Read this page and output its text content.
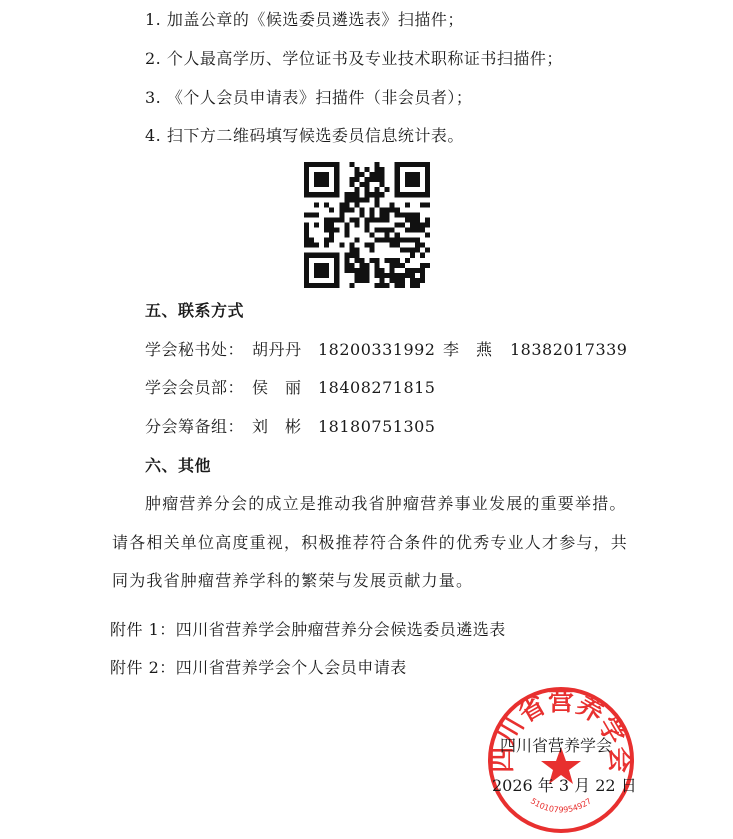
1. 加盖公章的《候选委员遴选表》扫描件；
2. 个人最高学历、学位证书及专业技术职称证书扫描件；
3. 《个人会员申请表》扫描件（非会员者）；
4. 扫下方二维码填写候选委员信息统计表。
五、联系方式
学会秘书处： 胡丹丹 18200331992 李　燕 18382017339
学会会员部： 侯　丽 18408271815
分会筹备组： 刘　彬 18180751305
六、其他
肿瘤营养分会的成立是推动我省肿瘤营养事业发展的重要举措。
请各相关单位高度重视，积极推荐符合条件的优秀专业人才参与，共
同为我省肿瘤营养学科的繁荣与发展贡献力量。
附件 1：四川省营养学会肿瘤营养分会候选委员遴选表
附件 2：四川省营养学会个人会员申请表
四川省营养学会
5101079954927
四川省营养学会
2026 年 3 月 22 日
